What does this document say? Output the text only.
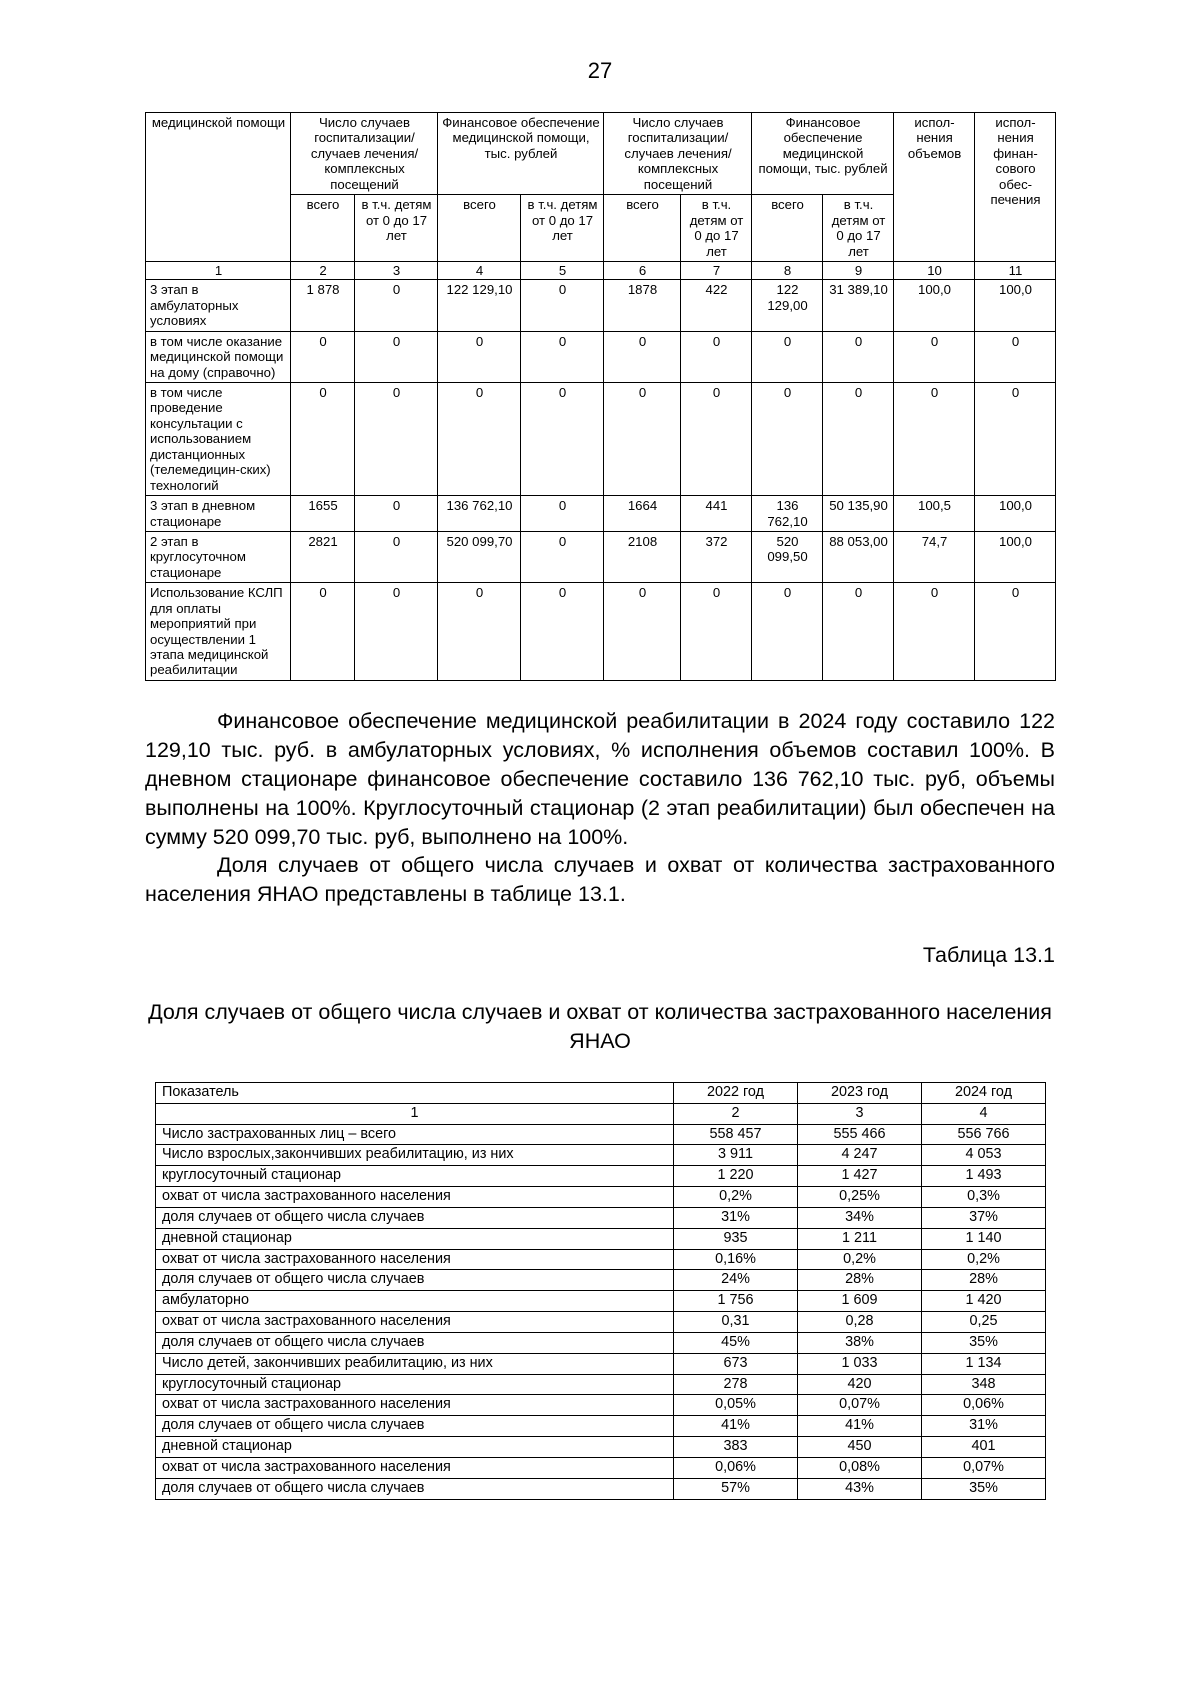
27
медицинской помощи	Число случаев госпитализации/ случаев лечения/ комплексных посещений		Финансовое обеспечение медицинской помощи, тыс. рублей		Число случаев госпитализации/ случаев лечения/ комплексных посещений		Финансовое обеспечение медицинской помощи, тыс. рублей		испол-нения объемов	испол-нения финан-сового обес-печения
	всего	в т.ч. детям от 0 до 17 лет	всего	в т.ч. детям от 0 до 17 лет	всего	в т.ч. детям от 0 до 17 лет	всего	в т.ч. детям от 0 до 17 лет		
1	2	3	4	5	6	7	8	9	10	11
3 этап в амбулаторных условиях	1 878	0	122 129,10	0	1878	422	122 129,00	31 389,10	100,0	100,0
в том числе оказание медицинской помощи на дому (справочно)	0	0	0	0	0	0	0	0	0	0
в том числе проведение консультации с использованием дистанционных (телемедицин-ских) технологий	0	0	0	0	0	0	0	0	0	0
3 этап в дневном стационаре	1655	0	136 762,10	0	1664	441	136 762,10	50 135,90	100,5	100,0
2 этап в круглосуточном стационаре	2821	0	520 099,70	0	2108	372	520 099,50	88 053,00	74,7	100,0
Использование КСЛП для оплаты мероприятий при осуществлении 1 этапа медицинской реабилитации	0	0	0	0	0	0	0	0	0	0
Финансовое обеспечение медицинской реабилитации в 2024 году составило 122 129,10 тыс. руб. в амбулаторных условиях, % исполнения объемов составил 100%. В дневном стационаре финансовое обеспечение составило 136 762,10 тыс. руб, объемы выполнены на 100%. Круглосуточный стационар (2 этап реабилитации) был обеспечен на сумму 520 099,70 тыс. руб, выполнено на 100%.
Доля случаев от общего числа случаев и охват от количества застрахованного населения ЯНАО представлены в таблице 13.1.
Таблица 13.1
Доля случаев от общего числа случаев и охват от количества застрахованного населения ЯНАО
Показатель	2022 год	2023 год	2024 год
1	2	3	4
Число застрахованных лиц – всего	558 457	555 466	556 766
Число взрослых,закончивших реабилитацию, из них	3 911	4 247	4 053
круглосуточный стационар	1 220	1 427	1 493
охват от числа застрахованного населения	0,2%	0,25%	0,3%
доля случаев от общего числа случаев	31%	34%	37%
дневной стационар	935	1 211	1 140
охват от числа застрахованного населения	0,16%	0,2%	0,2%
доля случаев от общего числа случаев	24%	28%	28%
амбулаторно	1 756	1 609	1 420
охват от числа застрахованного населения	0,31	0,28	0,25
доля случаев от общего числа случаев	45%	38%	35%
Число детей, закончивших реабилитацию, из них	673	1 033	1 134
круглосуточный стационар	278	420	348
охват от числа застрахованного населения	0,05%	0,07%	0,06%
доля случаев от общего числа случаев	41%	41%	31%
дневной стационар	383	450	401
охват от числа застрахованного населения	0,06%	0,08%	0,07%
доля случаев от общего числа случаев	57%	43%	35%
